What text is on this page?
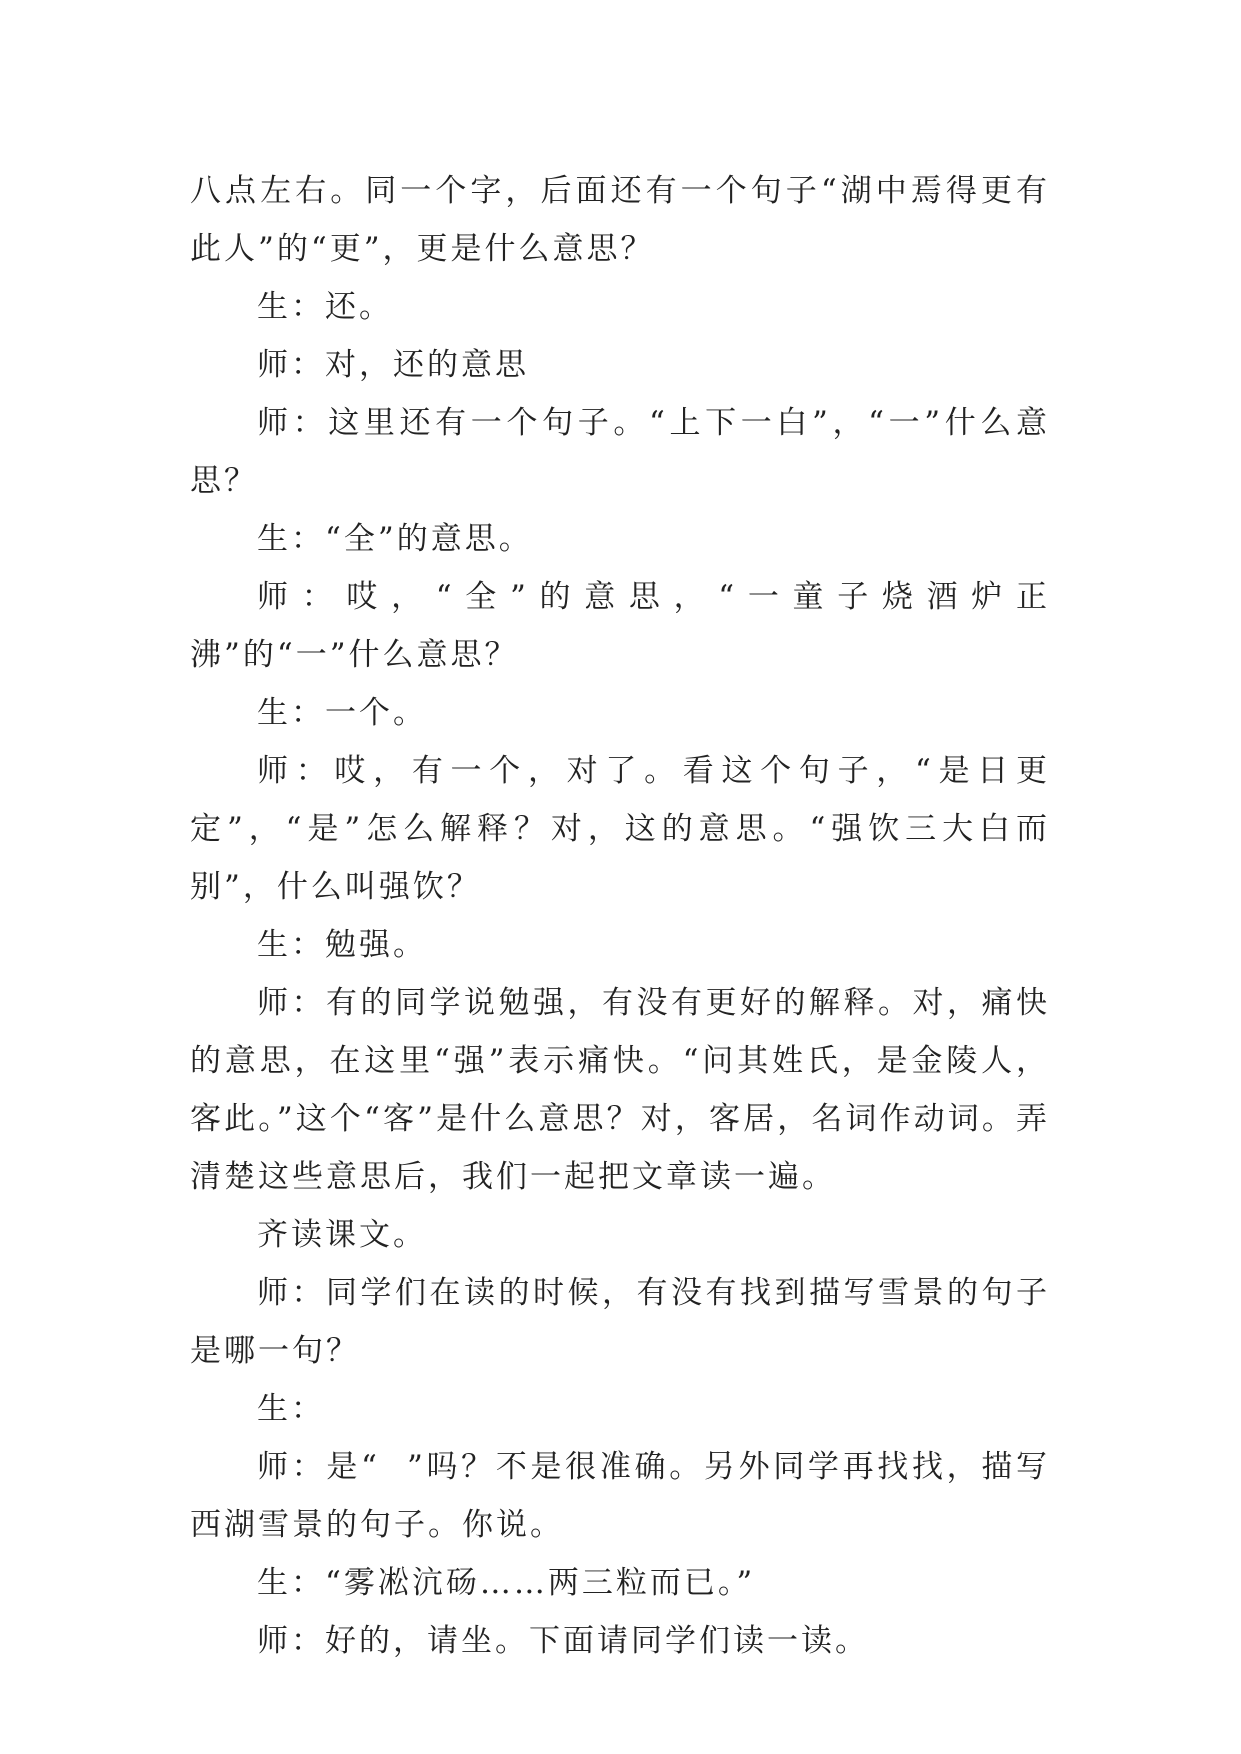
八点左右。同一个字，后面还有一个句子“湖中焉得更有此人”的“更”，更是什么意思？

生：还。

师：对，还的意思

师：这里还有一个句子。“上下一白”，“一”什么意思？

生：“全”的意思。

师：哎，“全”的意思，“一童子烧酒炉正沸”的“一”什么意思？

生：一个。

师：哎，有一个，对了。看这个句子，“是日更定”，“是”怎么解释？对，这的意思。“强饮三大白而别”，什么叫强饮？

生：勉强。

师：有的同学说勉强，有没有更好的解释。对，痛快的意思，在这里“强”表示痛快。“问其姓氏，是金陵人，客此。”这个“客”是什么意思？对，客居，名词作动词。弄清楚这些意思后，我们一起把文章读一遍。

齐读课文。

师：同学们在读的时候，有没有找到描写雪景的句子是哪一句？

生：

师：是“  ”吗？不是很准确。另外同学再找找，描写西湖雪景的句子。你说。

生：“雾凇沆砀……两三粒而已。”

师：好的，请坐。下面请同学们读一读。
